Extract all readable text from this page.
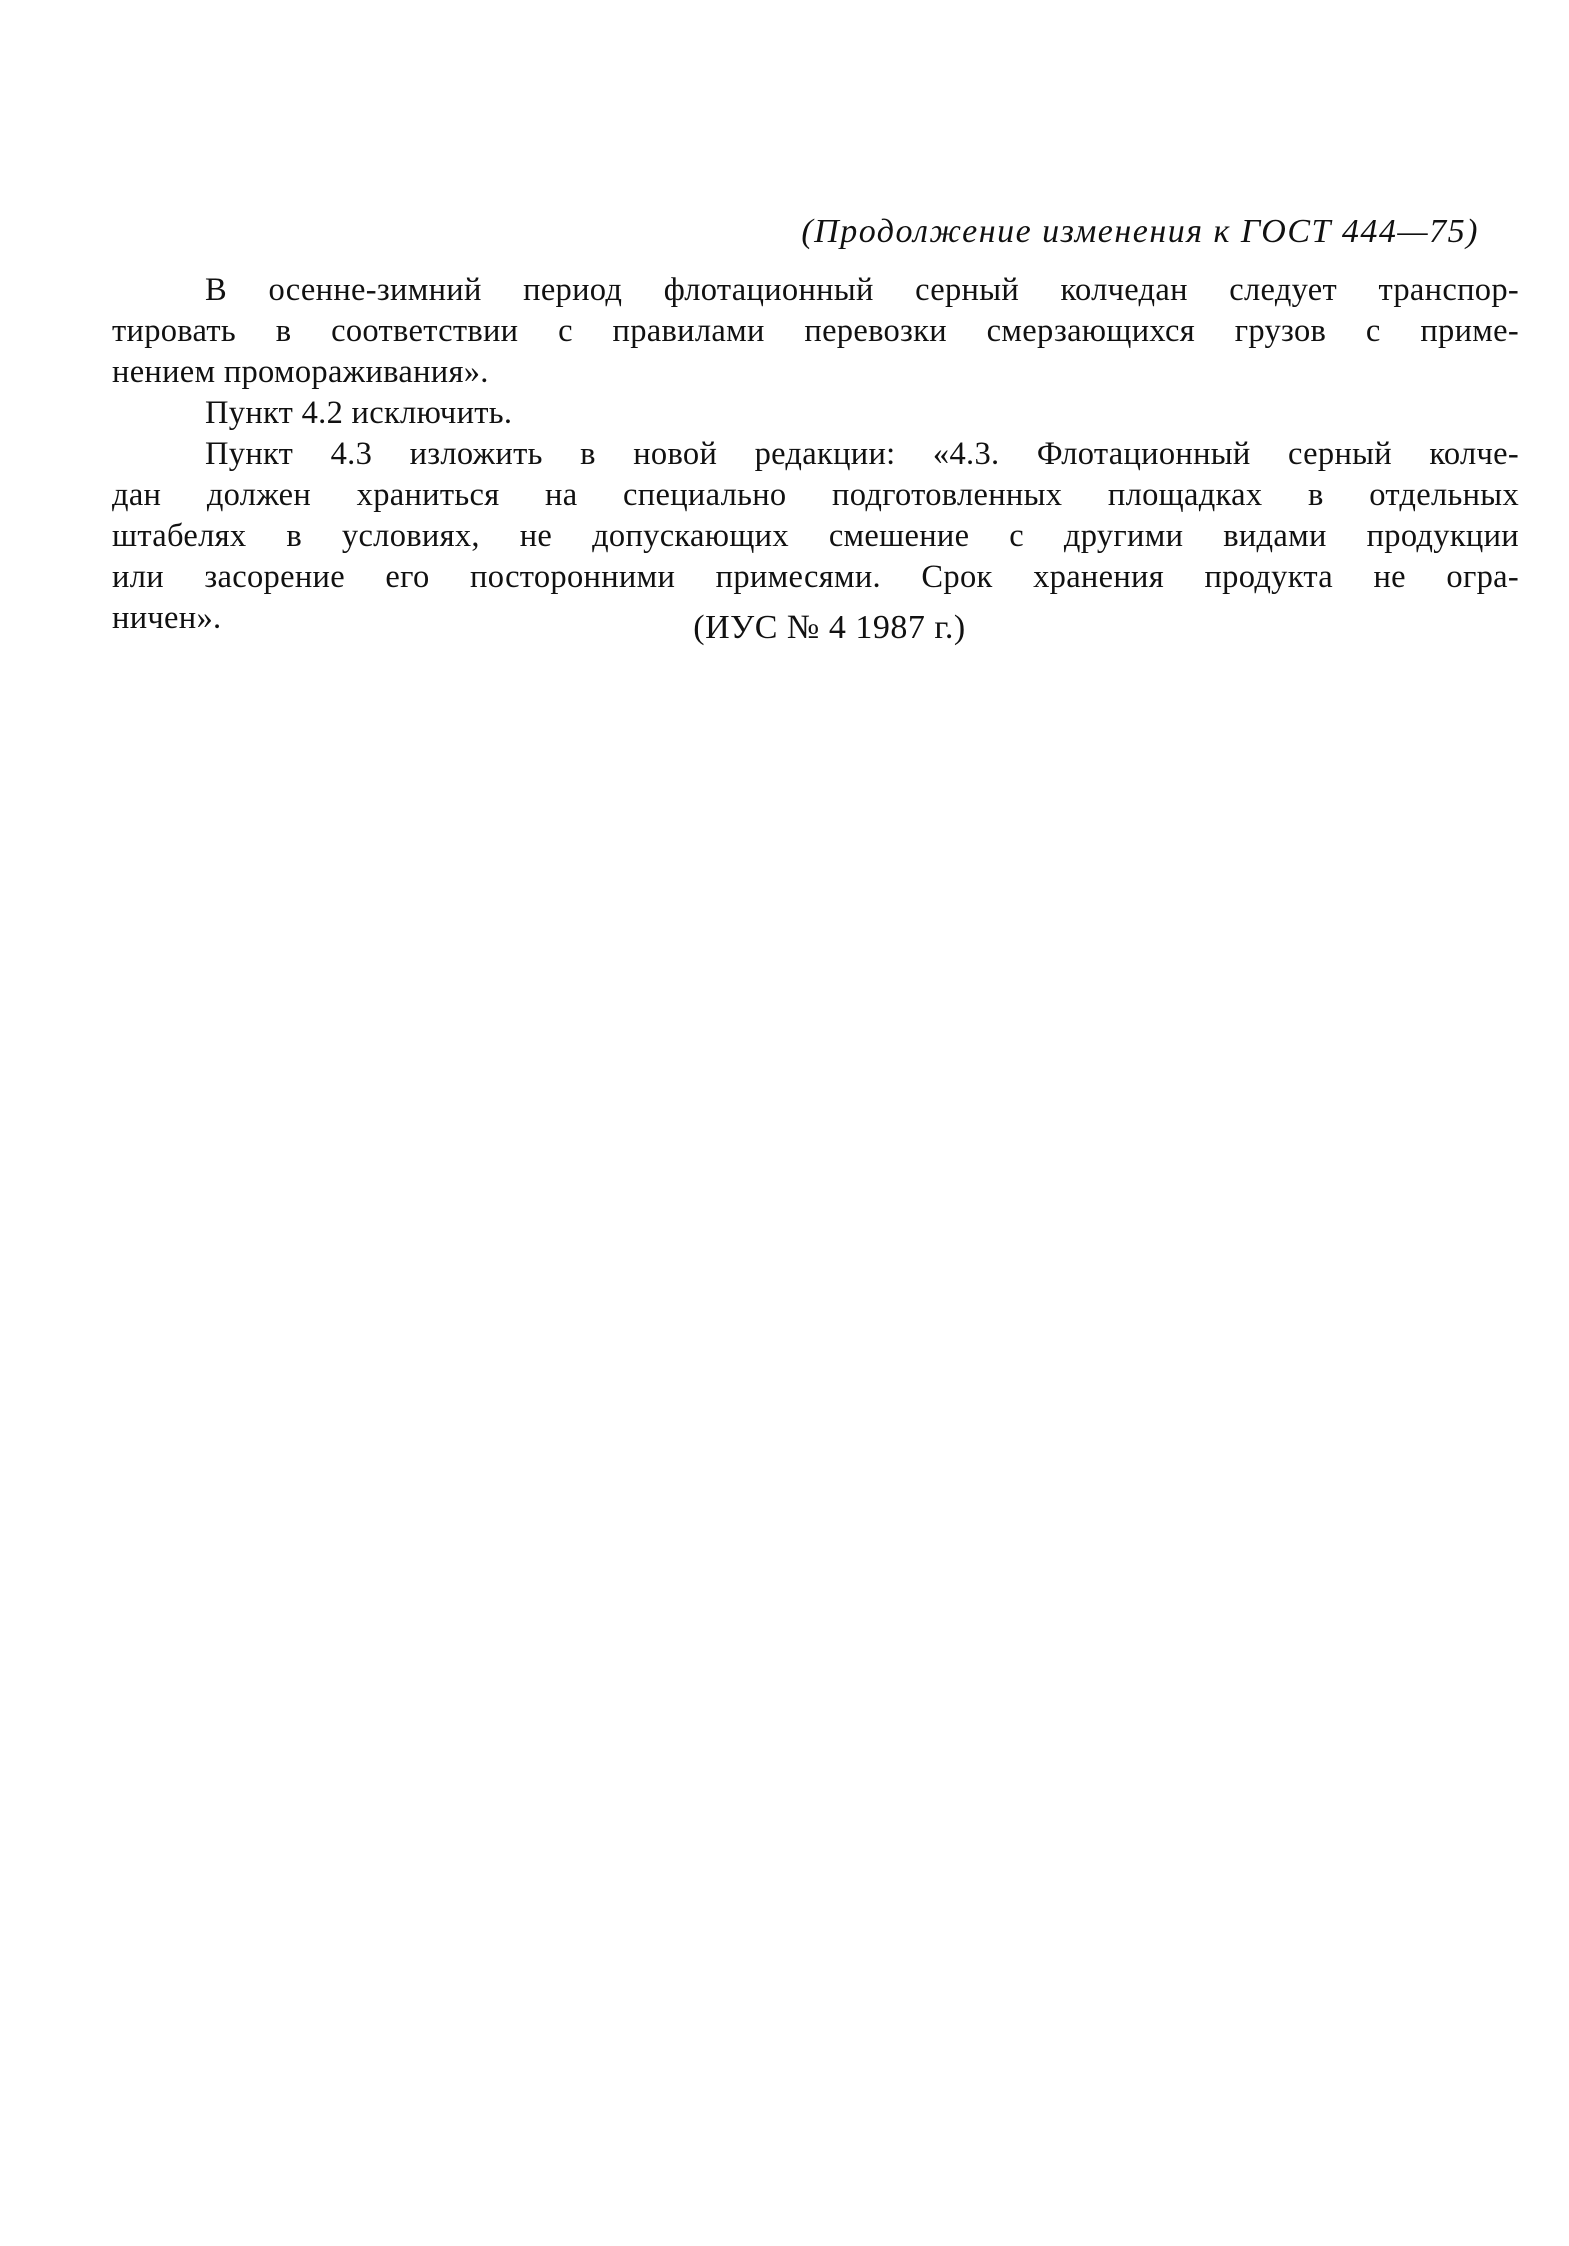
(Продолжение изменения к ГОСТ 444—75)
В осенне-зимний период флотационный серный колчедан следует транспор-
тировать в соответствии с правилами перевозки смерзающихся грузов с приме-
нением промораживания».
Пункт 4.2 исключить.
Пункт 4.3 изложить в новой редакции: «4.3. Флотационный серный колче-
дан должен храниться на специально подготовленных площадках в отдельных
штабелях в условиях, не допускающих смешение с другими видами продукции
или засорение его посторонними примесями. Срок хранения продукта не огра-
ничен».	(ИУС № 4 1987 г.)
